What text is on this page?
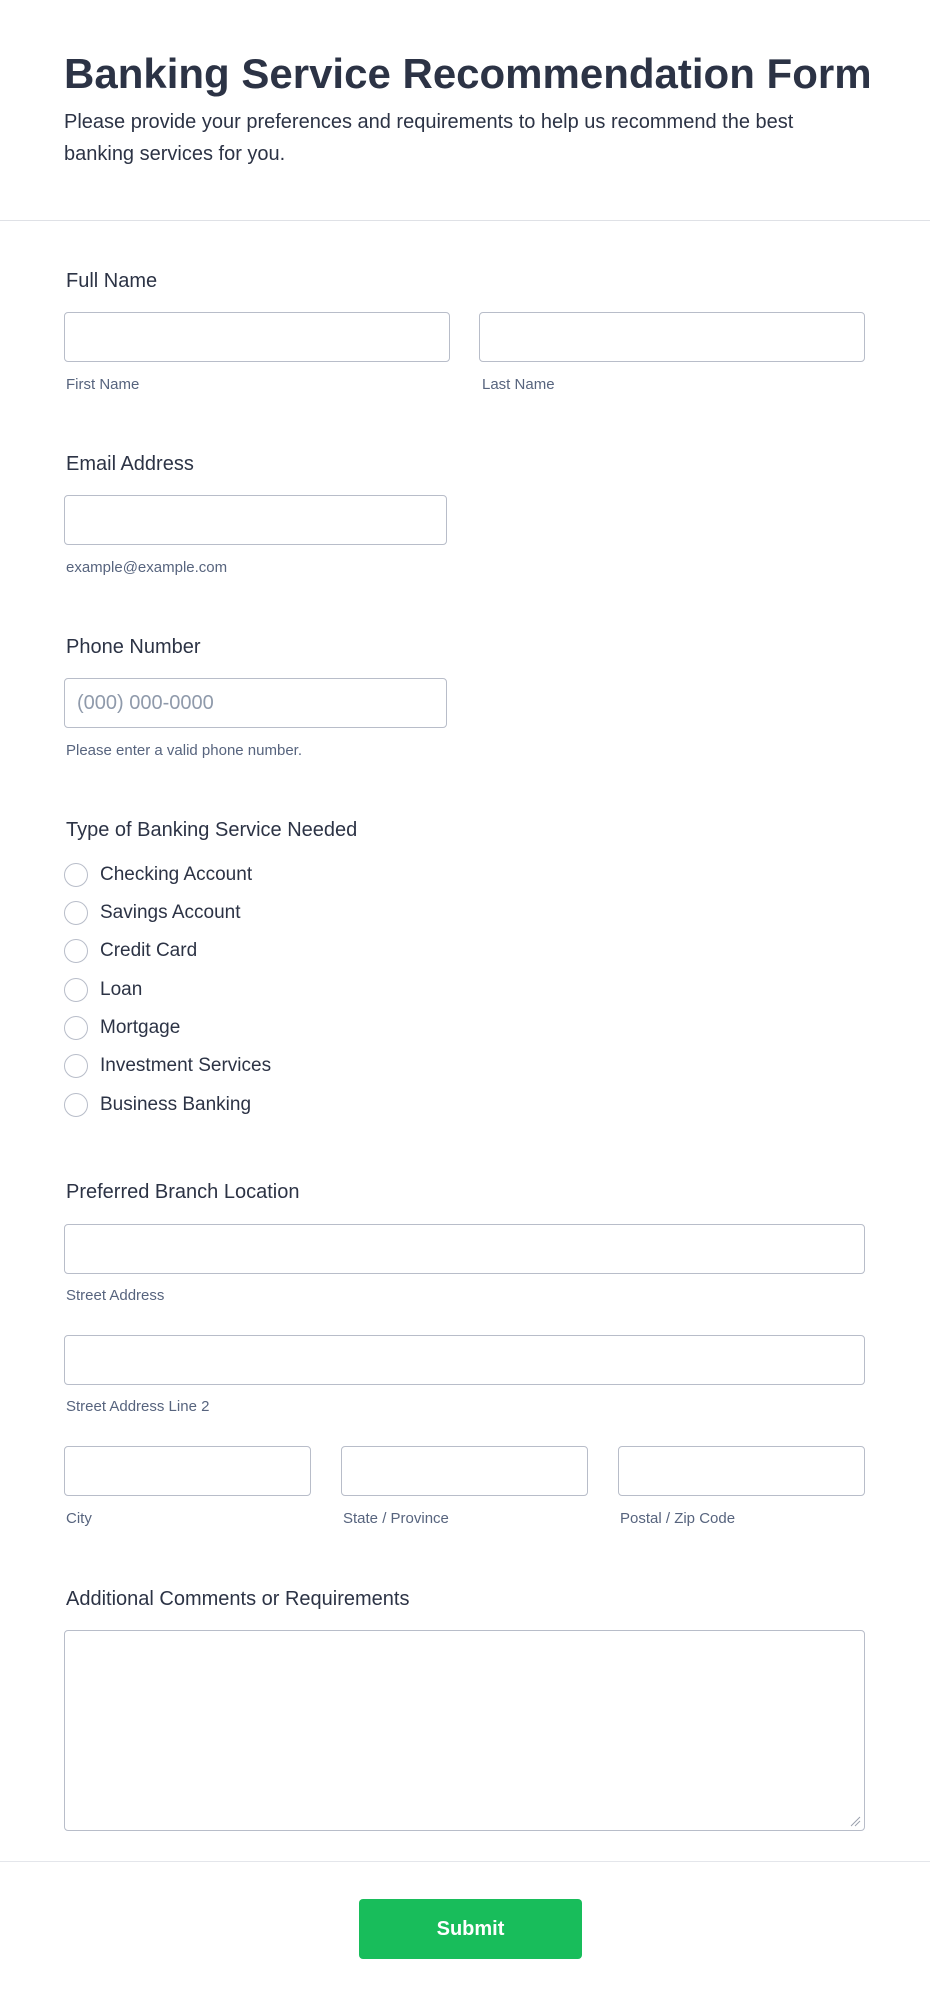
Banking Service Recommendation Form

Please provide your preferences and requirements to help us recommend the best banking services for you.

Full Name
First Name	Last Name
Email Address
example@example.com
Phone Number
(000) 000-0000
Please enter a valid phone number.
Type of Banking Service Needed
Checking Account
Savings Account
Credit Card
Loan
Mortgage
Investment Services
Business Banking
Preferred Branch Location
Street Address
Street Address Line 2
City	State / Province	Postal / Zip Code
Additional Comments or Requirements
Submit
